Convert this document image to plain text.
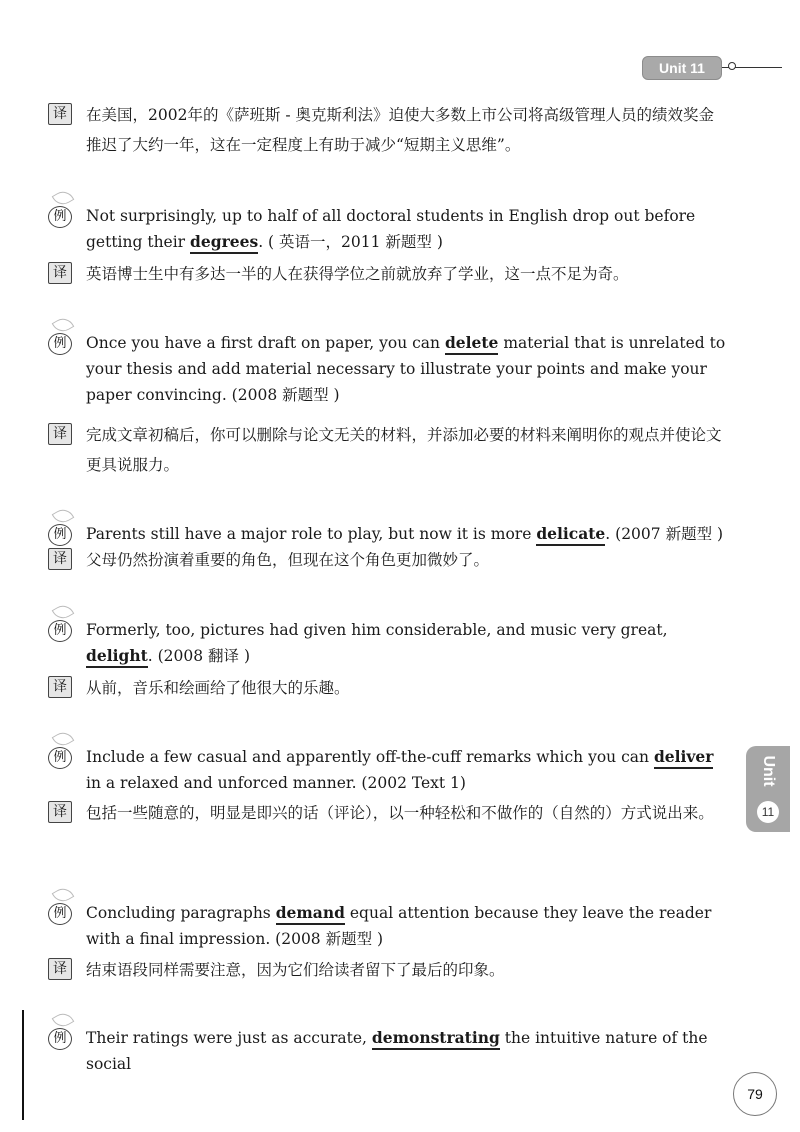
Unit 11
Unit
11
译	在美国，2002年的《萨班斯 - 奥克斯利法》迫使大多数上市公司将高级管理人员的绩效奖金推迟了大约一年，这在一定程度上有助于减少“短期主义思维”。
例	Not surprisingly, up to half of all doctoral students in English drop out before getting their degrees. ( 英语一，2011 新题型 )
译	英语博士生中有多达一半的人在获得学位之前就放弃了学业，这一点不足为奇。
例	Once you have a first draft on paper, you can delete material that is unrelated to your thesis and add material necessary to illustrate your points and make your paper convincing. (2008 新题型 )
译	完成文章初稿后，你可以删除与论文无关的材料，并添加必要的材料来阐明你的观点并使论文更具说服力。
例	Parents still have a major role to play, but now it is more delicate. (2007 新题型 )
译	父母仍然扮演着重要的角色，但现在这个角色更加微妙了。
例	Formerly, too, pictures had given him considerable, and music very great, delight. (2008 翻译 )
译	从前，音乐和绘画给了他很大的乐趣。
例	Include a few casual and apparently off-the-cuff remarks which you can deliver in a relaxed and unforced manner. (2002 Text 1)
译	包括一些随意的，明显是即兴的话（评论），以一种轻松和不做作的（自然的）方式说出来。
例	Concluding paragraphs demand equal attention because they leave the reader with a final impression. (2008 新题型 )
译	结束语段同样需要注意，因为它们给读者留下了最后的印象。
例	Their ratings were just as accurate, demonstrating the intuitive nature of the social
79
